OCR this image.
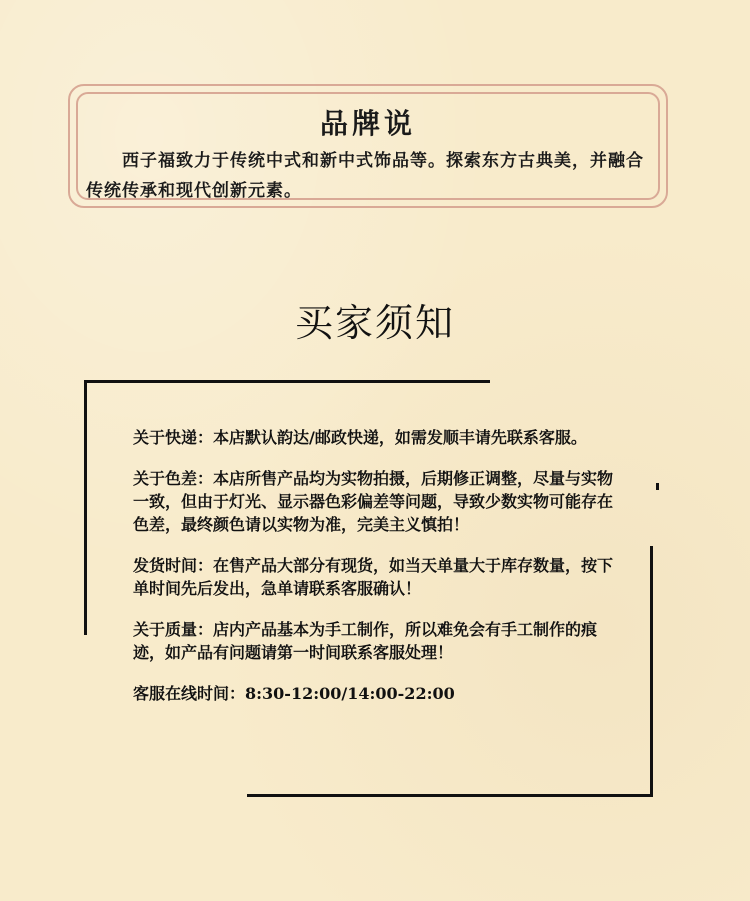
品牌说
西子福致力于传统中式和新中式饰品等。探索东方古典美，并融合传统传承和现代创新元素。
买家须知

关于快递：本店默认韵达/邮政快递，如需发顺丰请先联系客服。

关于色差：本店所售产品均为实物拍摄，后期修正调整，尽量与实物一致，但由于灯光、显示器色彩偏差等问题，导致少数实物可能存在色差，最终颜色请以实物为准，完美主义慎拍！

发货时间：在售产品大部分有现货，如当天单量大于库存数量，按下单时间先后发出，急单请联系客服确认！

关于质量：店内产品基本为手工制作，所以难免会有手工制作的痕迹，如产品有问题请第一时间联系客服处理！

客服在线时间：8:30-12:00/14:00-22:00
